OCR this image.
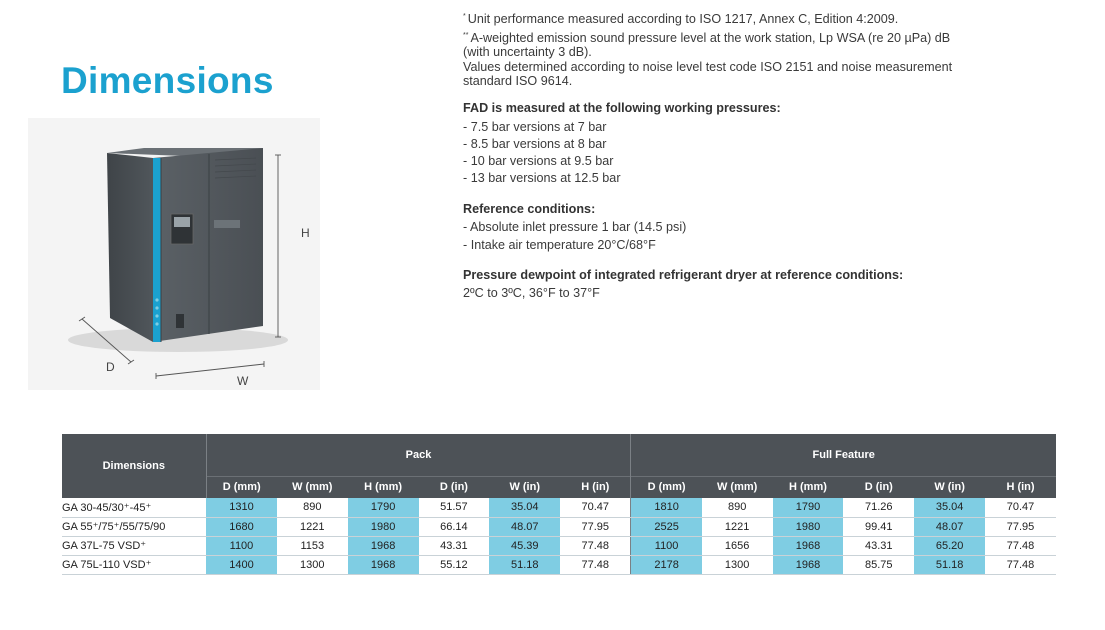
Dimensions
H
D
W
* Unit performance measured according to ISO 1217, Annex C, Edition 4:2009.
** A-weighted emission sound pressure level at the work station, Lp WSA (re 20 µPa) dB
(with uncertainty 3 dB).
Values determined according to noise level test code ISO 2151 and noise measurement
standard ISO 9614.
FAD is measured at the following working pressures:
- 7.5 bar versions at 7 bar
- 8.5 bar versions at 8 bar
- 10 bar versions at 9.5 bar
- 13 bar versions at 12.5 bar
Reference conditions:
- Absolute inlet pressure 1 bar (14.5 psi)
- Intake air temperature 20°C/68°F
Pressure dewpoint of integrated refrigerant dryer at reference conditions:
2ºC to 3ºC, 36°F to 37°F
Dimensions	Pack						Full Feature					
	D (mm)	W (mm)	H (mm)	D (in)	W (in)	H (in)	D (mm)	W (mm)	H (mm)	D (in)	W (in)	H (in)
GA 30-45/30⁺-45⁺	1310	890	1790	51.57	35.04	70.47	1810	890	1790	71.26	35.04	70.47
GA 55⁺/75⁺/55/75/90	1680	1221	1980	66.14	48.07	77.95	2525	1221	1980	99.41	48.07	77.95
GA 37L-75 VSD⁺	1100	1153	1968	43.31	45.39	77.48	1100	1656	1968	43.31	65.20	77.48
GA 75L-110 VSD⁺	1400	1300	1968	55.12	51.18	77.48	2178	1300	1968	85.75	51.18	77.48
